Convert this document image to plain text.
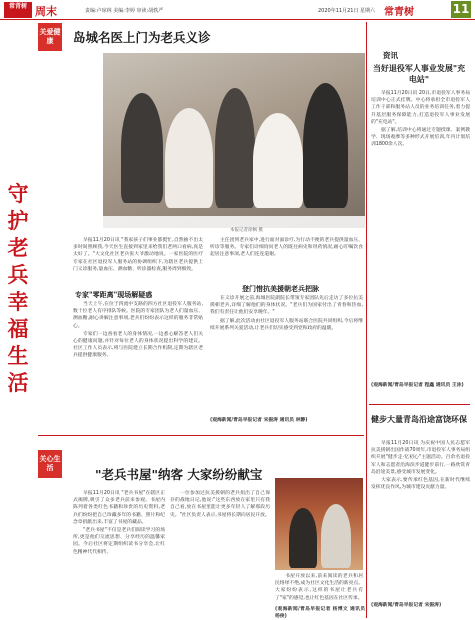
常青树 周末	责编:卢琼林 美编:李婷 审读:胡轶严	2020年11月21日 星期六 常青树	11
守护老兵幸福生活
关爱健康	岛城名医上门为老兵义诊
本报记者徐枫 摄

早报11月20日讯 "我家孩子们事业都挺忙,自然抽不出太多时间照顾我,今天医生直接到家里来给我们老两口看病,真是太好了。"大文化社区老兵张大爷激动地说。一家医院的医疗专家在社区退役军人服务站的协调组织下,为辖区老兵提供上门义诊服务,量血压、测血糖、听诊器检查,服务周到细致。

专家"零距离"现场解疑惑

当天上午,在位于四流中支路的四方社区退役军人服务站,数十位老人有序排队等候。医院的专家团队为老人们量血压、测血糖,耐心讲解注意事项,老兵们纷纷表示这样的服务非常贴心。

专家们一边查看老人的身体情况,一边悉心解答老人们关心的健康问题,并针对每位老人的身体状况提出科学的建议。社区工作人员表示,将与医院建立长期合作机制,定期为辖区老兵提供健康服务。

主任团到老兵家中,进行面对面诊疗,为行动不便的老兵提供量血压、听诊等服务。专家们详细询问老人的既往病史和用药情况,耐心叮嘱饮食起居注意事项,老人们连连道谢。

登门惜抗美援朝老兵把脉

在义诊开展之前,海城医院副院长带领专家团队先后走访了多位抗美援朝老兵,详细了解他们的身体状况。"老兵们为国家付出了青春和热血,我们有责任让他们安享晚年。"

据了解,此次活动由社区退役军人服务站联合医院共同组织,今后将继续开展系列关爱活动,让老兵们切实感受到党和政府的温暖。

(观海新闻/青岛早报记者 宋振涛 通讯员 林静)
关心生活	"老兵书屋"纳客 大家纷纷献宝

早报11月20日讯 "老兵书屋"在辖区正式揭牌,吸引了众多老兵前来参观。书屋内陈列着各类红色书籍和珍贵的历史资料,老兵们纷纷把自己珍藏多年的书籍、照片和纪念章捐献出来,丰富了书屋的藏品。

"老兵书屋"不仅是老兵们阅读学习的场所,更是他们交流思想、分享经历的温馨家园。今后社区将定期组织读书分享会,让红色精神代代相传。

一位参加过抗美援朝的老兵捐出了自己保存的战地日记,他说:"这些东西放在家里只有我自己看,放在书屋里能让更多年轻人了解那段历史。"社区负责人表示,书屋将长期向居民开放。

书屋开放以来,前来阅读的老兵和居民络绎不绝,成为社区文化生活的新亮点。大家纷纷表示,这样的书屋让老兵有了"家"的感觉,也让红色基因在社区传承。

(观海新闻/青岛早报记者 杨博文 通讯员 杨俊)
资讯
当好退役军人事业发展"充电站"

早报11月20日讯 20日,市退役军人事务局培训中心正式挂牌。中心将承担全市退役军人工作干部和服务站人员的业务培训任务,着力提升基层服务保障能力,打造退役军人事业发展的"充电站"。

据了解,培训中心将通过专题授课、案例教学、现场观摩等多种形式开展培训,年内计划培训1800余人次。

(观海新闻/青岛早报记者 程鑫 通讯员 王泳)
健步大量青岛沿途富饶环保

早报11月20日讯 为庆祝中国人民志愿军抗美援朝出国作战70周年,市退役军人事务局组织开展"健步走·忆初心"主题活动。百余名退役军人和志愿者沿海滨步道健步前行,一路欣赏青岛沿途美景,感受城市发展变化。

大家表示,要传承红色基因,在新时代继续发挥优良作风,为城市建设贡献力量。

(观海新闻/青岛早报记者 宋振涛)
